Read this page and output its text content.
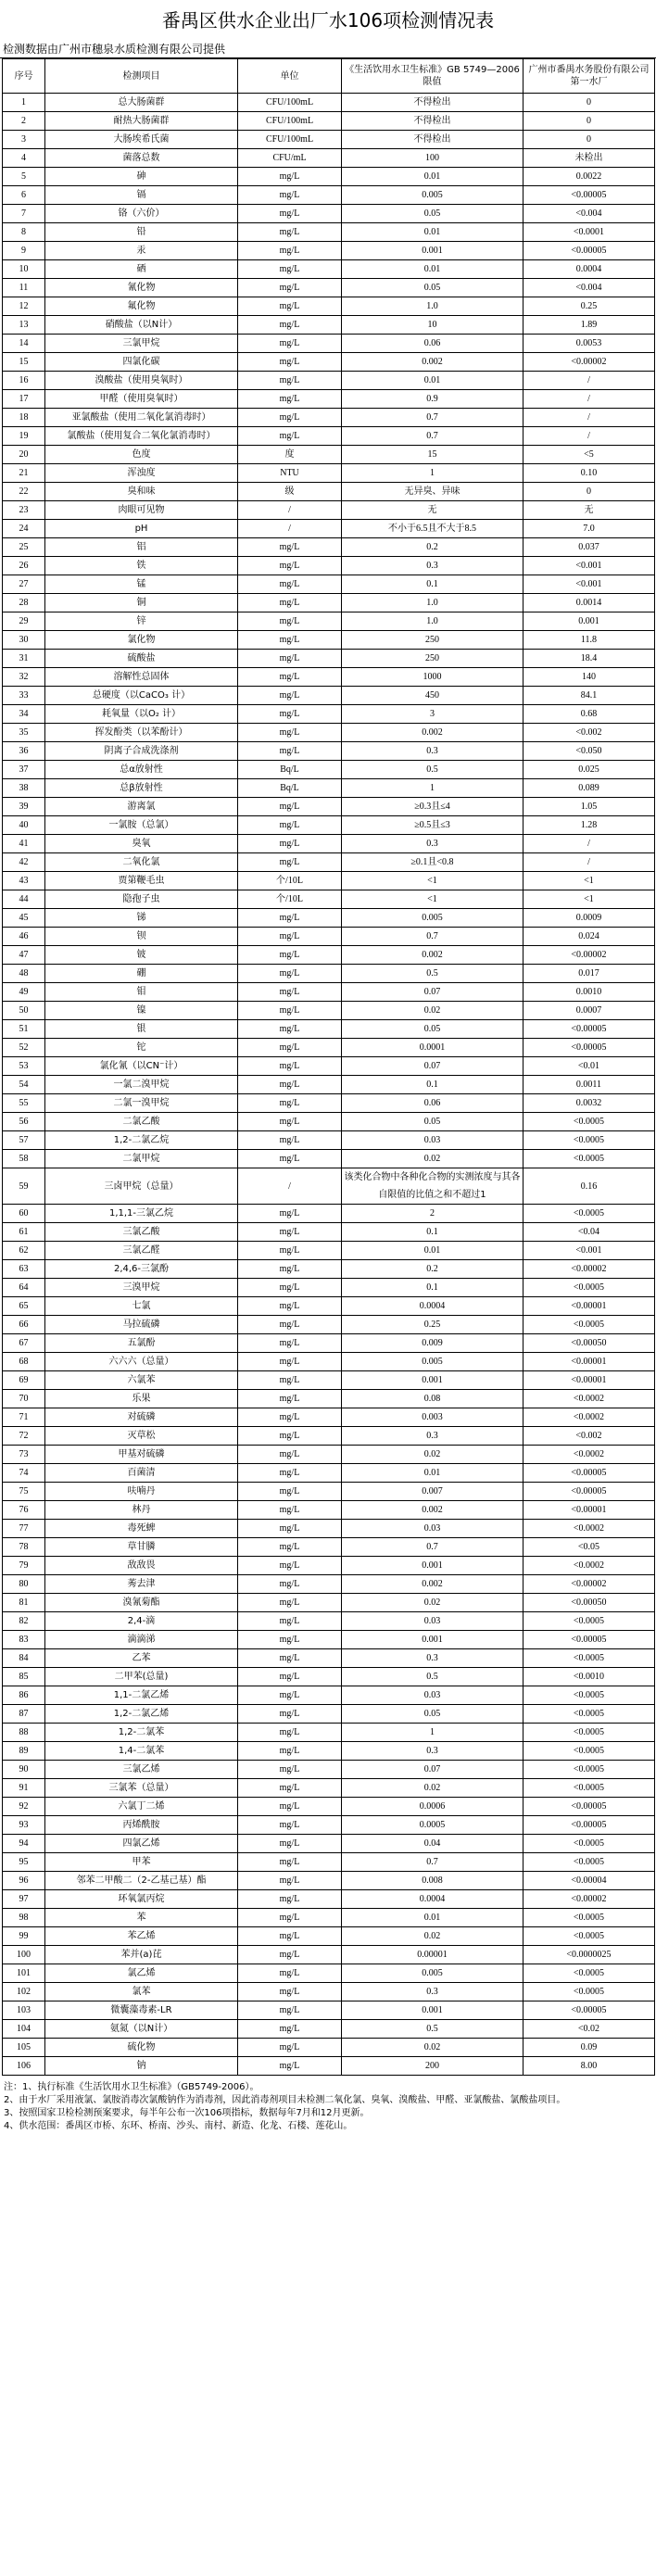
番禺区供水企业出厂水106项检测情况表
检测数据由广州市穗泉水质检测有限公司提供
序号	检测项目	单位	《生活饮用水卫生标准》GB 5749—2006限值	广州市番禺水务股份有限公司第一水厂
1	总大肠菌群	CFU/100mL	不得检出	0
2	耐热大肠菌群	CFU/100mL	不得检出	0
3	大肠埃希氏菌	CFU/100mL	不得检出	0
4	菌落总数	CFU/mL	100	未检出
5	砷	mg/L	0.01	0.0022
6	镉	mg/L	0.005	<0.00005
7	铬（六价）	mg/L	0.05	<0.004
8	铅	mg/L	0.01	<0.0001
9	汞	mg/L	0.001	<0.00005
10	硒	mg/L	0.01	0.0004
11	氰化物	mg/L	0.05	<0.004
12	氟化物	mg/L	1.0	0.25
13	硝酸盐（以N计）	mg/L	10	1.89
14	三氯甲烷	mg/L	0.06	0.0053
15	四氯化碳	mg/L	0.002	<0.00002
16	溴酸盐（使用臭氧时）	mg/L	0.01	/
17	甲醛（使用臭氧时）	mg/L	0.9	/
18	亚氯酸盐（使用二氧化氯消毒时）	mg/L	0.7	/
19	氯酸盐（使用复合二氧化氯消毒时）	mg/L	0.7	/
20	色度	度	15	<5
21	浑浊度	NTU	1	0.10
22	臭和味	级	无异臭、异味	0
23	肉眼可见物	/	无	无
24	pH	/	不小于6.5且不大于8.5	7.0
25	铝	mg/L	0.2	0.037
26	铁	mg/L	0.3	<0.001
27	锰	mg/L	0.1	<0.001
28	铜	mg/L	1.0	0.0014
29	锌	mg/L	1.0	0.001
30	氯化物	mg/L	250	11.8
31	硫酸盐	mg/L	250	18.4
32	溶解性总固体	mg/L	1000	140
33	总硬度（以CaCO₃ 计）	mg/L	450	84.1
34	耗氧量（以O₂ 计）	mg/L	3	0.68
35	挥发酚类（以苯酚计）	mg/L	0.002	<0.002
36	阴离子合成洗涤剂	mg/L	0.3	<0.050
37	总α放射性	Bq/L	0.5	0.025
38	总β放射性	Bq/L	1	0.089
39	游离氯	mg/L	≥0.3且≤4	1.05
40	一氯胺（总氯）	mg/L	≥0.5且≤3	1.28
41	臭氧	mg/L	0.3	/
42	二氧化氯	mg/L	≥0.1且<0.8	/
43	贾第鞭毛虫	个/10L	<1	<1
44	隐孢子虫	个/10L	<1	<1
45	锑	mg/L	0.005	0.0009
46	钡	mg/L	0.7	0.024
47	铍	mg/L	0.002	<0.00002
48	硼	mg/L	0.5	0.017
49	钼	mg/L	0.07	0.0010
50	镍	mg/L	0.02	0.0007
51	银	mg/L	0.05	<0.00005
52	铊	mg/L	0.0001	<0.00005
53	氯化氰（以CN⁻计）	mg/L	0.07	<0.01
54	一氯二溴甲烷	mg/L	0.1	0.0011
55	二氯一溴甲烷	mg/L	0.06	0.0032
56	二氯乙酸	mg/L	0.05	<0.0005
57	1,2-二氯乙烷	mg/L	0.03	<0.0005
58	二氯甲烷	mg/L	0.02	<0.0005
59	三卤甲烷（总量）	/	该类化合物中各种化合物的实测浓度与其各自限值的比值之和不超过1	0.16
60	1,1,1-三氯乙烷	mg/L	2	<0.0005
61	三氯乙酸	mg/L	0.1	<0.04
62	三氯乙醛	mg/L	0.01	<0.001
63	2,4,6-三氯酚	mg/L	0.2	<0.00002
64	三溴甲烷	mg/L	0.1	<0.0005
65	七氯	mg/L	0.0004	<0.00001
66	马拉硫磷	mg/L	0.25	<0.0005
67	五氯酚	mg/L	0.009	<0.00050
68	六六六（总量）	mg/L	0.005	<0.00001
69	六氯苯	mg/L	0.001	<0.00001
70	乐果	mg/L	0.08	<0.0002
71	对硫磷	mg/L	0.003	<0.0002
72	灭草松	mg/L	0.3	<0.002
73	甲基对硫磷	mg/L	0.02	<0.0002
74	百菌清	mg/L	0.01	<0.00005
75	呋喃丹	mg/L	0.007	<0.00005
76	林丹	mg/L	0.002	<0.00001
77	毒死蜱	mg/L	0.03	<0.0002
78	草甘膦	mg/L	0.7	<0.05
79	敌敌畏	mg/L	0.001	<0.0002
80	莠去津	mg/L	0.002	<0.00002
81	溴氰菊酯	mg/L	0.02	<0.00050
82	2,4-滴	mg/L	0.03	<0.0005
83	滴滴涕	mg/L	0.001	<0.00005
84	乙苯	mg/L	0.3	<0.0005
85	二甲苯(总量)	mg/L	0.5	<0.0010
86	1,1-二氯乙烯	mg/L	0.03	<0.0005
87	1,2-二氯乙烯	mg/L	0.05	<0.0005
88	1,2-二氯苯	mg/L	1	<0.0005
89	1,4-二氯苯	mg/L	0.3	<0.0005
90	三氯乙烯	mg/L	0.07	<0.0005
91	三氯苯（总量）	mg/L	0.02	<0.0005
92	六氯丁二烯	mg/L	0.0006	<0.00005
93	丙烯酰胺	mg/L	0.0005	<0.00005
94	四氯乙烯	mg/L	0.04	<0.0005
95	甲苯	mg/L	0.7	<0.0005
96	邻苯二甲酸二（2-乙基己基）酯	mg/L	0.008	<0.00004
97	环氧氯丙烷	mg/L	0.0004	<0.00002
98	苯	mg/L	0.01	<0.0005
99	苯乙烯	mg/L	0.02	<0.0005
100	苯并(a)芘	mg/L	0.00001	<0.0000025
101	氯乙烯	mg/L	0.005	<0.0005
102	氯苯	mg/L	0.3	<0.0005
103	微囊藻毒素-LR	mg/L	0.001	<0.00005
104	氨氮（以N计）	mg/L	0.5	<0.02
105	硫化物	mg/L	0.02	0.09
106	钠	mg/L	200	8.00
注：1、执行标准《生活饮用水卫生标准》（GB5749-2006）。
2、由于水厂采用液氯、氯胺消毒次氯酸钠作为消毒剂，因此消毒剂项目未检测二氧化氯、臭氧、溴酸盐、甲醛、亚氯酸盐、氯酸盐项目。
3、按照国家卫检检测预案要求，每半年公布一次106项指标，数据每年7月和12月更新。
4、供水范围：番禺区市桥、东环、桥南、沙头、南村、新造、化龙、石楼、莲花山。
